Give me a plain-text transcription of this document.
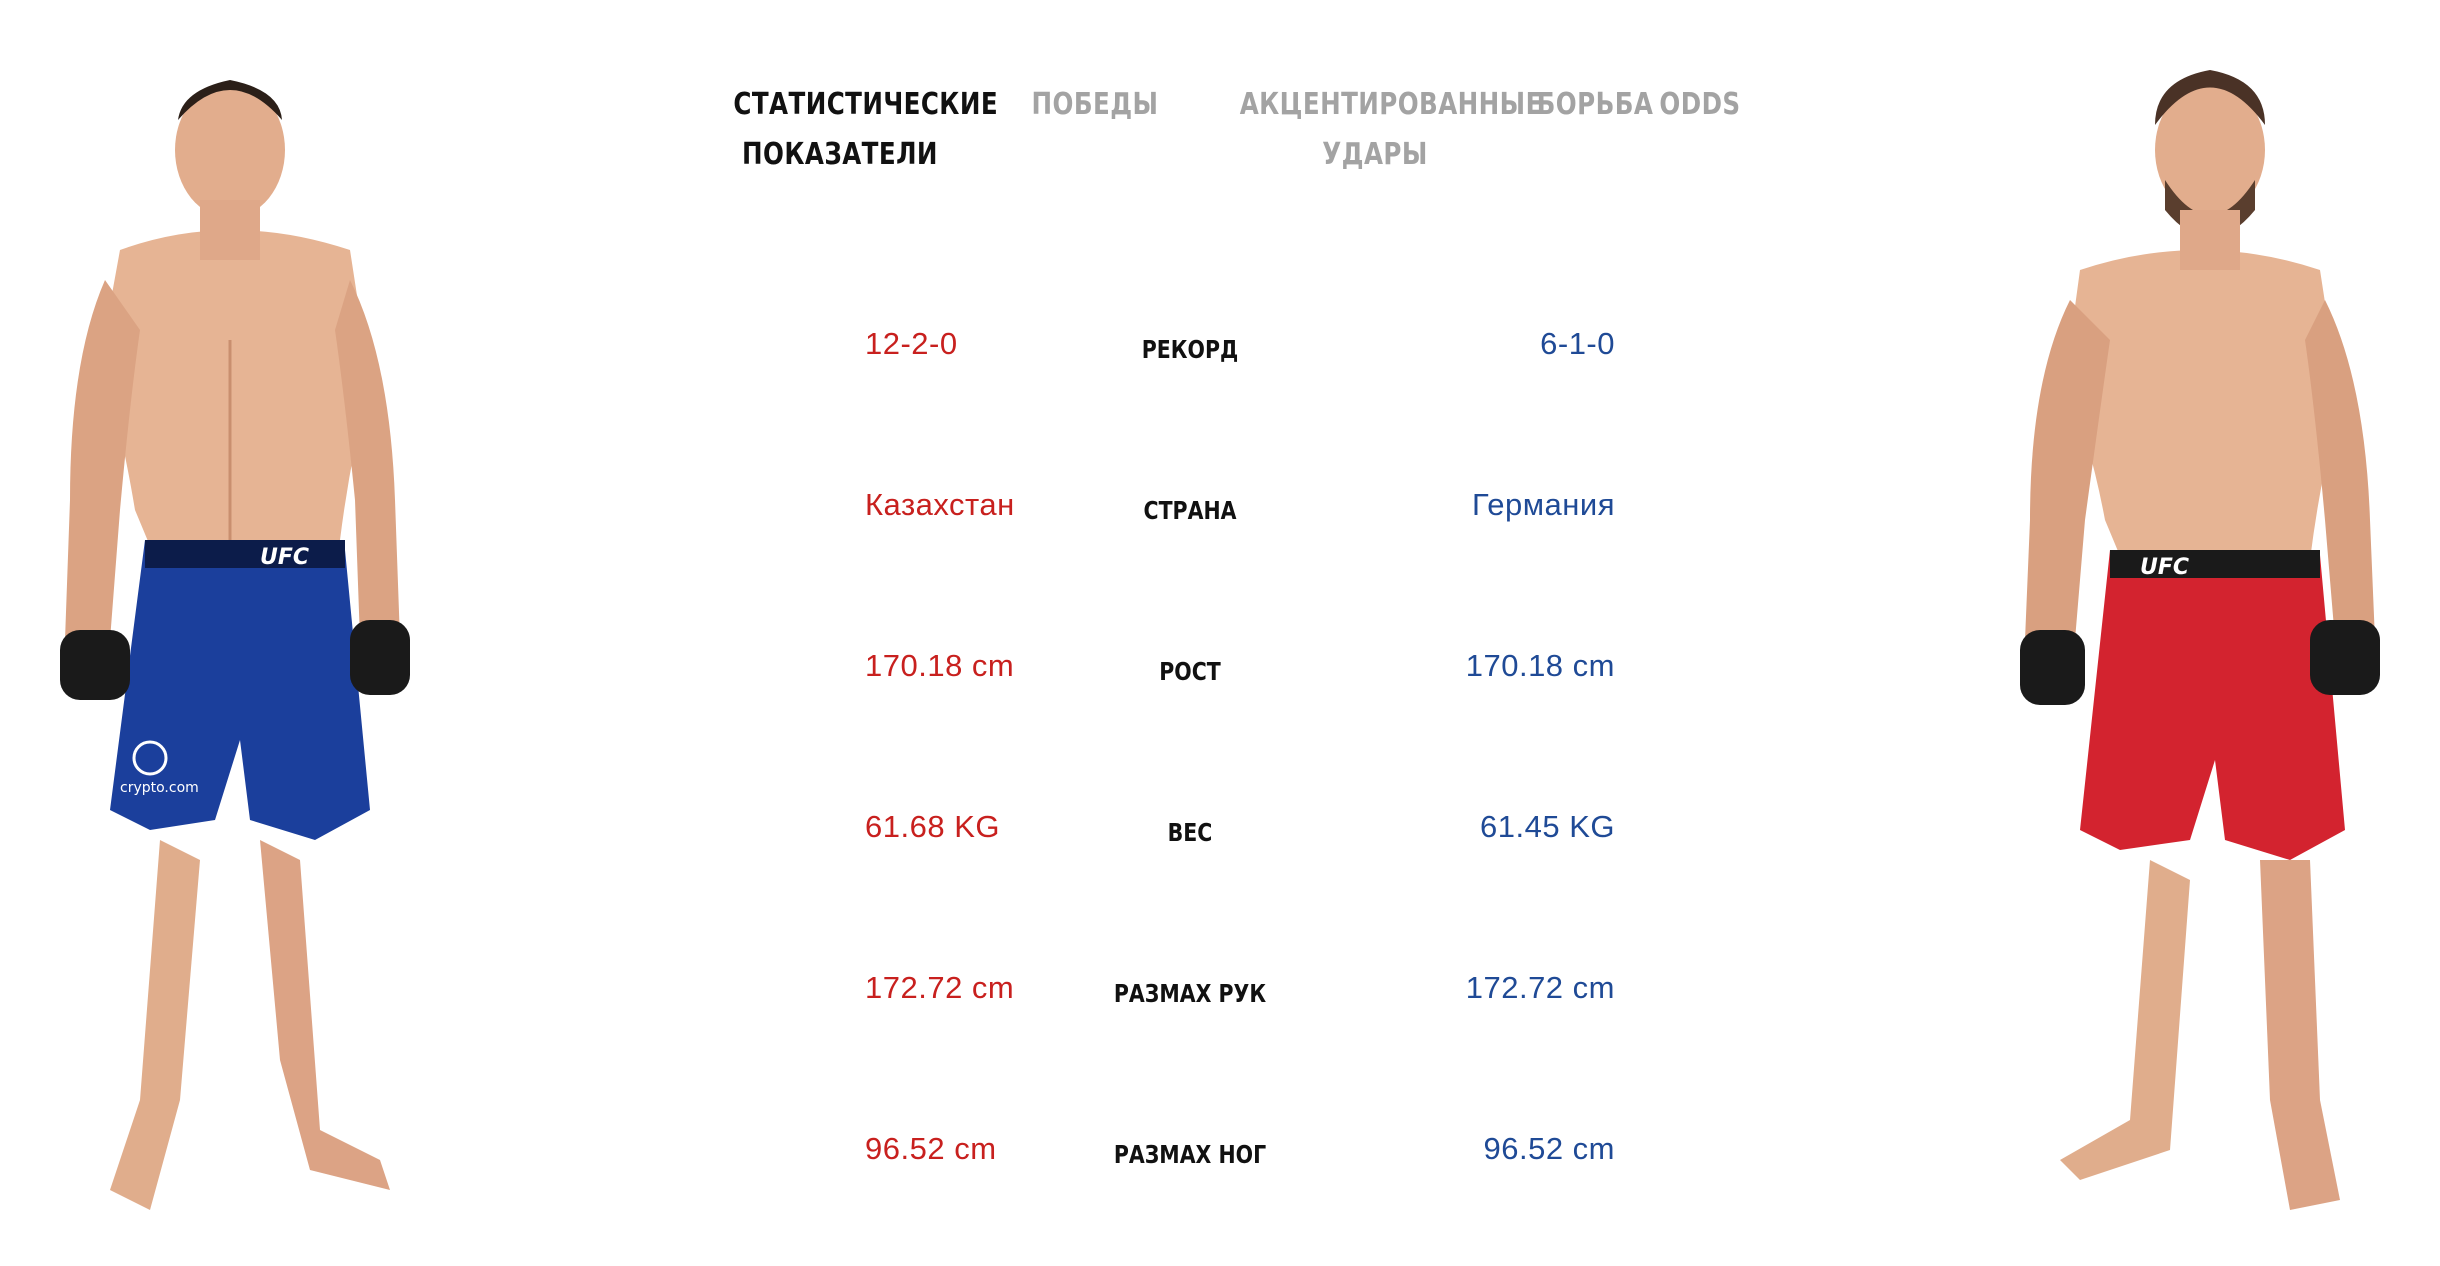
UFC
crypto.com
UFC
СТАТИСТИЧЕСКИЕ ПОКАЗАТЕЛИ
ПОБЕДЫ	АКЦЕНТИРОВАННЫЕ УДАРЫ
БОРЬБА ODDS
12-2-0	РЕКОРД	6-1-0
Казахстан	СТРАНА	Германия
170.18 cm	РОСТ	170.18 cm
61.68 KG	ВЕС	61.45 KG
172.72 cm	РАЗМАХ РУК	172.72 cm
96.52 cm	РАЗМАХ НОГ	96.52 cm
